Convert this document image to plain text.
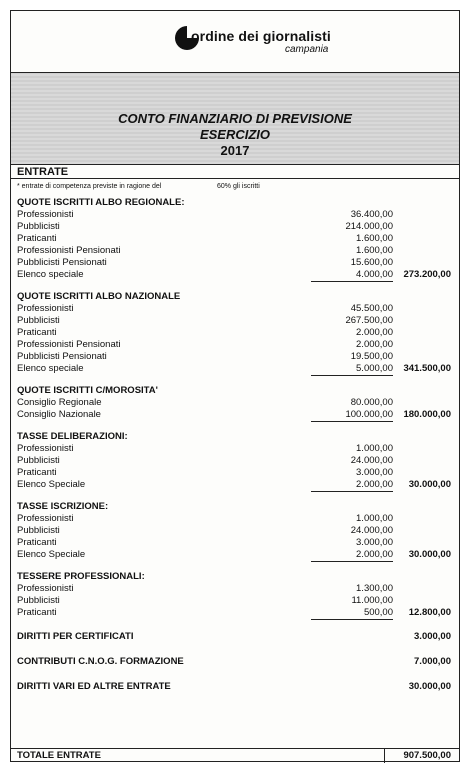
ordine dei giornalisti
campania
CONTO FINANZIARIO DI PREVISIONE
ESERCIZIO
2017
ENTRATE
* entrate di competenza previste in ragione del	60% gli iscritti
QUOTE ISCRITTI ALBO REGIONALE:
Professionisti	36.400,00
Pubblicisti	214.000,00
Praticanti	1.600,00
Professionisti Pensionati	1.600,00
Pubblicisti Pensionati	15.600,00
Elenco speciale	4.000,00	273.200,00
QUOTE ISCRITTI ALBO NAZIONALE
Professionisti	45.500,00
Pubblicisti	267.500,00
Praticanti	2.000,00
Professionisti Pensionati	2.000,00
Pubblicisti Pensionati	19.500,00
Elenco speciale	5.000,00	341.500,00
QUOTE ISCRITTI C/MOROSITA'
Consiglio Regionale	80.000,00
Consiglio Nazionale	100.000,00	180.000,00
TASSE DELIBERAZIONI:
Professionisti	1.000,00
Pubblicisti	24.000,00
Praticanti	3.000,00
Elenco Speciale	2.000,00	30.000,00
TASSE ISCRIZIONE:
Professionisti	1.000,00
Pubblicisti	24.000,00
Praticanti	3.000,00
Elenco Speciale	2.000,00	30.000,00
TESSERE PROFESSIONALI:
Professionisti	1.300,00
Pubblicisti	11.000,00
Praticanti	500,00	12.800,00
DIRITTI PER CERTIFICATI	3.000,00
CONTRIBUTI C.N.O.G. FORMAZIONE	7.000,00
DIRITTI VARI ED ALTRE ENTRATE	30.000,00
TOTALE ENTRATE	907.500,00
